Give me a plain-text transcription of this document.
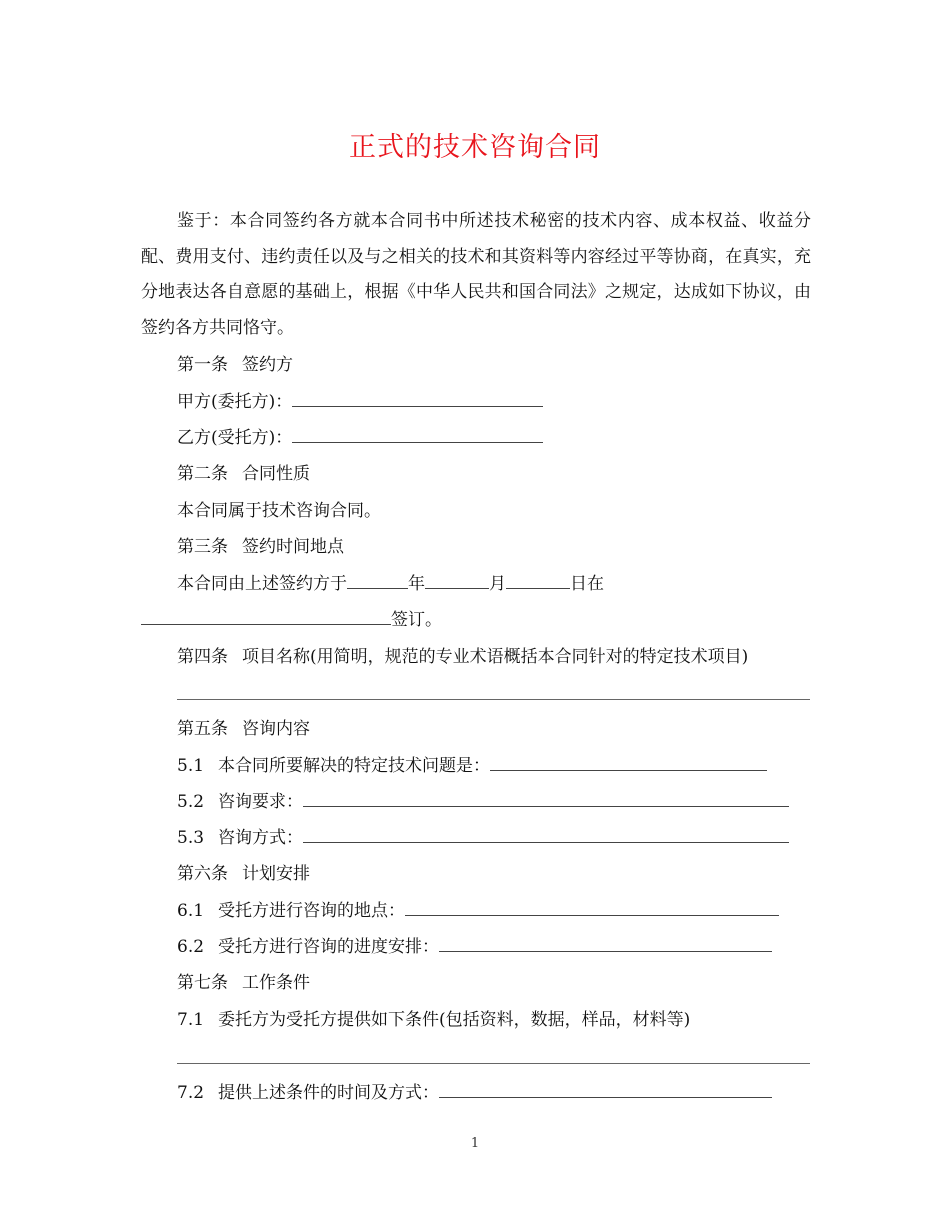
正式的技术咨询合同
鉴于：本合同签约各方就本合同书中所述技术秘密的技术内容、成本权益、收益分配、费用支付、违约责任以及与之相关的技术和其资料等内容经过平等协商，在真实，充分地表达各自意愿的基础上，根据《中华人民共和国合同法》之规定，达成如下协议，由签约各方共同恪守。
第一条 签约方
甲方(委托方)：
乙方(受托方)：
第二条 合同性质
本合同属于技术咨询合同。
第三条 签约时间地点
本合同由上述签约方于	年	月	日在
签订。
第四条 项目名称(用简明，规范的专业术语概括本合同针对的特定技术项目)
第五条 咨询内容
5.1 本合同所要解决的特定技术问题是：
5.2 咨询要求：
5.3 咨询方式：
第六条 计划安排
6.1 受托方进行咨询的地点：
6.2 受托方进行咨询的进度安排：
第七条 工作条件
7.1 委托方为受托方提供如下条件(包括资料，数据，样品，材料等)
7.2 提供上述条件的时间及方式：
1
